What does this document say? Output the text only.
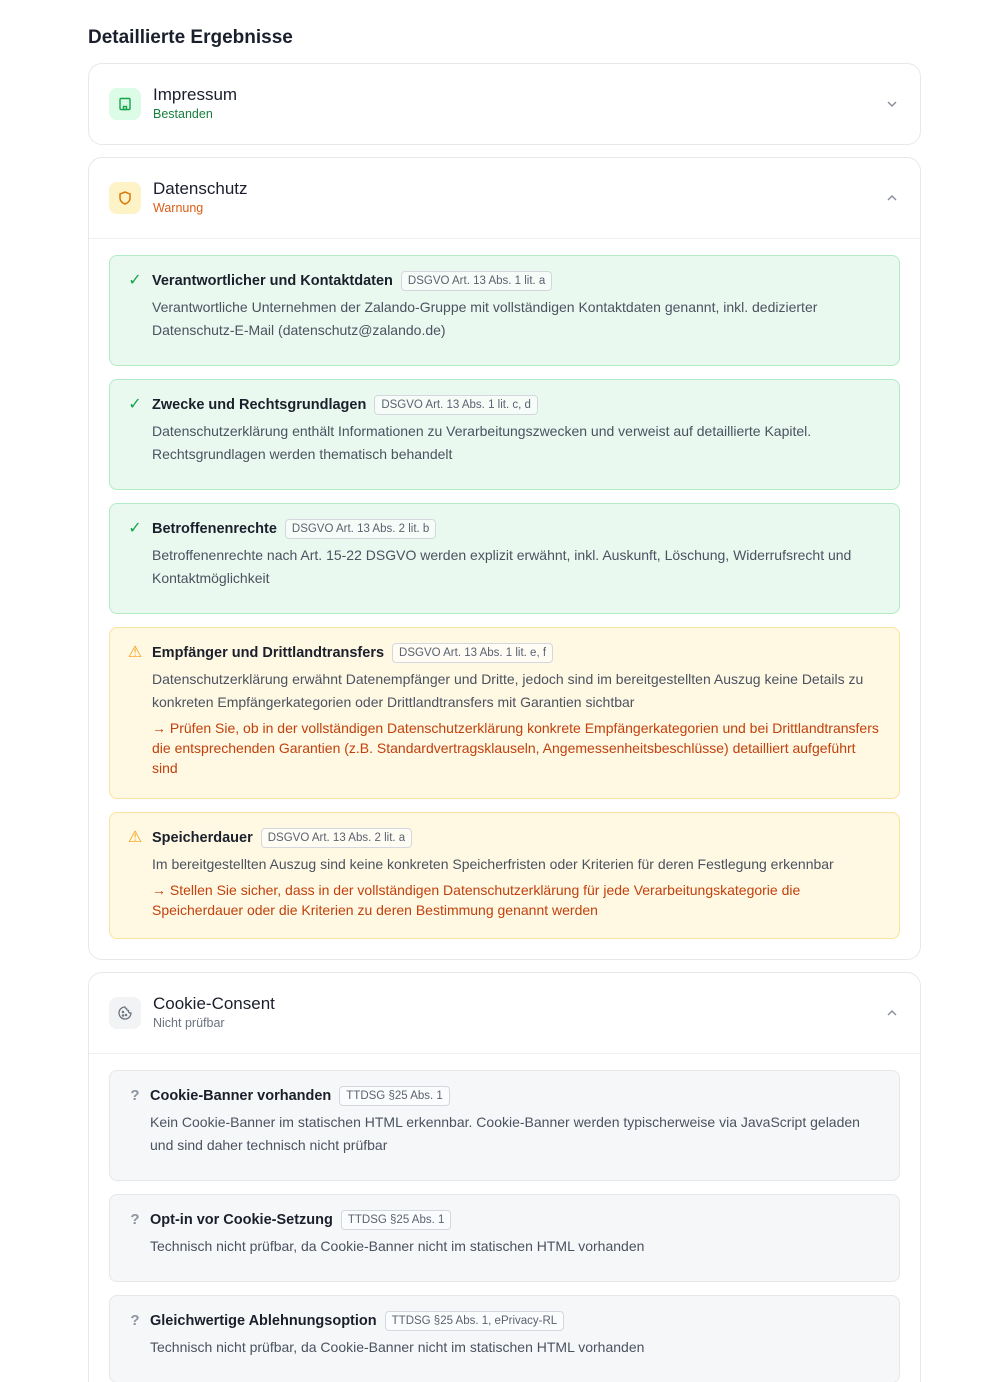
Detaillierte Ergebnisse
Impressum
Bestanden
Datenschutz
Warnung
✓ Verantwortlicher und Kontaktdaten	DSGVO Art. 13 Abs. 1 lit. a
Verantwortliche Unternehmen der Zalando-Gruppe mit vollständigen Kontaktdaten genannt, inkl. dedizierter Datenschutz-E-Mail (datenschutz@zalando.de)
✓ Zwecke und Rechtsgrundlagen	DSGVO Art. 13 Abs. 1 lit. c, d
Datenschutzerklärung enthält Informationen zu Verarbeitungszwecken und verweist auf detaillierte Kapitel. Rechtsgrundlagen werden thematisch behandelt
✓ Betroffenenrechte	DSGVO Art. 13 Abs. 2 lit. b
Betroffenenrechte nach Art. 15-22 DSGVO werden explizit erwähnt, inkl. Auskunft, Löschung, Widerrufsrecht und Kontaktmöglichkeit
⚠ Empfänger und Drittlandtransfers	DSGVO Art. 13 Abs. 1 lit. e, f
Datenschutzerklärung erwähnt Datenempfänger und Dritte, jedoch sind im bereitgestellten Auszug keine Details zu konkreten Empfängerkategorien oder Drittlandtransfers mit Garantien sichtbar
→ Prüfen Sie, ob in der vollständigen Datenschutzerklärung konkrete Empfängerkategorien und bei Drittlandtransfers die entsprechenden Garantien (z.B. Standardvertragsklauseln, Angemessenheitsbeschlüsse) detailliert aufgeführt sind
⚠ Speicherdauer	DSGVO Art. 13 Abs. 2 lit. a
Im bereitgestellten Auszug sind keine konkreten Speicherfristen oder Kriterien für deren Festlegung erkennbar
→ Stellen Sie sicher, dass in der vollständigen Datenschutzerklärung für jede Verarbeitungskategorie die Speicherdauer oder die Kriterien zu deren Bestimmung genannt werden
Cookie-Consent
Nicht prüfbar
? Cookie-Banner vorhanden	TTDSG §25 Abs. 1
Kein Cookie-Banner im statischen HTML erkennbar. Cookie-Banner werden typischerweise via JavaScript geladen und sind daher technisch nicht prüfbar
? Opt-in vor Cookie-Setzung	TTDSG §25 Abs. 1
Technisch nicht prüfbar, da Cookie-Banner nicht im statischen HTML vorhanden
? Gleichwertige Ablehnungsoption	TTDSG §25 Abs. 1, ePrivacy-RL
Technisch nicht prüfbar, da Cookie-Banner nicht im statischen HTML vorhanden
